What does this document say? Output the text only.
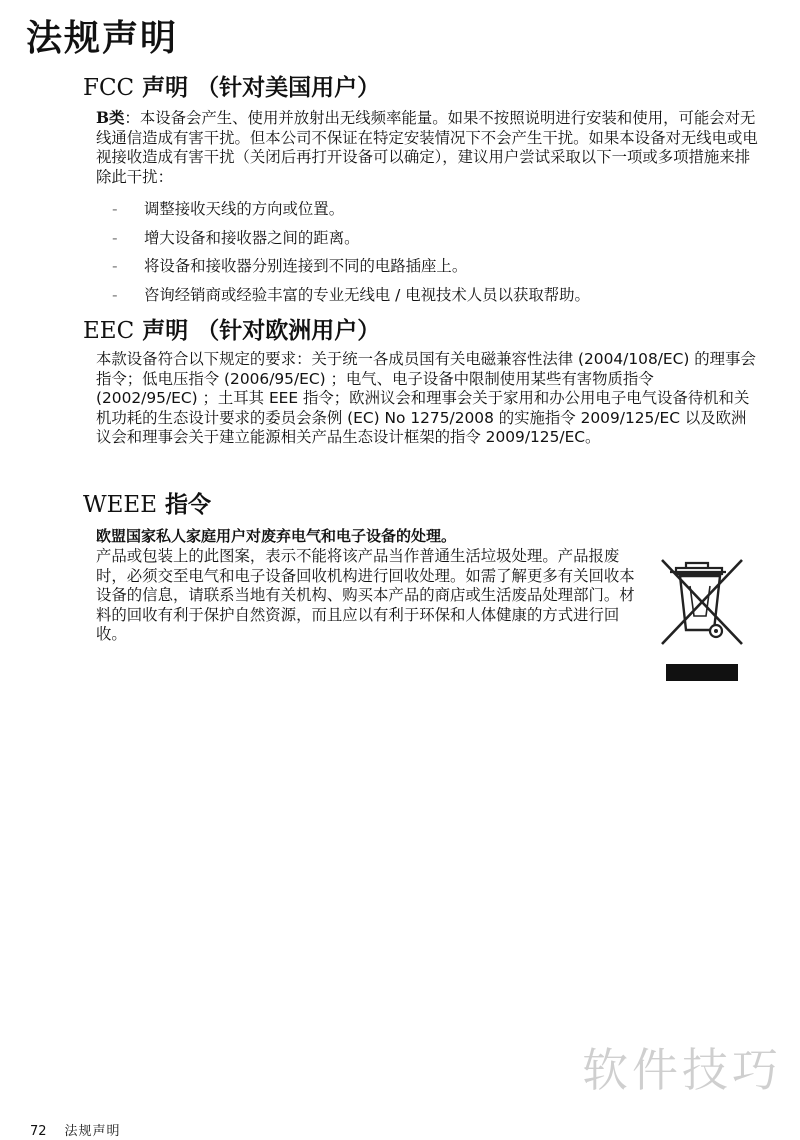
法规声明
FCC 声明 （针对美国用户）

B类：本设备会产生、使用并放射出无线频率能量。如果不按照说明进行安装和使用，可能会对无线通信造成有害干扰。但本公司不保证在特定安装情况下不会产生干扰。如果本设备对无线电或电视接收造成有害干扰（关闭后再打开设备可以确定），建议用户尝试采取以下一项或多项措施来排除此干扰：

- 调整接收天线的方向或位置。
- 增大设备和接收器之间的距离。
- 将设备和接收器分别连接到不同的电路插座上。
- 咨询经销商或经验丰富的专业无线电 / 电视技术人员以获取帮助。
EEC 声明 （针对欧洲用户）

本款设备符合以下规定的要求：关于统一各成员国有关电磁兼容性法律 (2004/108/EC) 的理事会指令；低电压指令 (2006/95/EC) ；电气、电子设备中限制使用某些有害物质指令 (2002/95/EC) ；土耳其 EEE 指令；欧洲议会和理事会关于家用和办公用电子电气设备待机和关机功耗的生态设计要求的委员会条例 (EC) No 1275/2008 的实施指令 2009/125/EC 以及欧洲议会和理事会关于建立能源相关产品生态设计框架的指令 2009/125/EC。

WEEE 指令

欧盟国家私人家庭用户对废弃电气和电子设备的处理。

产品或包装上的此图案，表示不能将该产品当作普通生活垃圾处理。产品报废时，必须交至电气和电子设备回收机构进行回收处理。如需了解更多有关回收本设备的信息，请联系当地有关机构、购买本产品的商店或生活废品处理部门。材料的回收有利于保护自然资源，而且应以有利于环保和人体健康的方式进行回收。

软件技巧
72 法规声明
